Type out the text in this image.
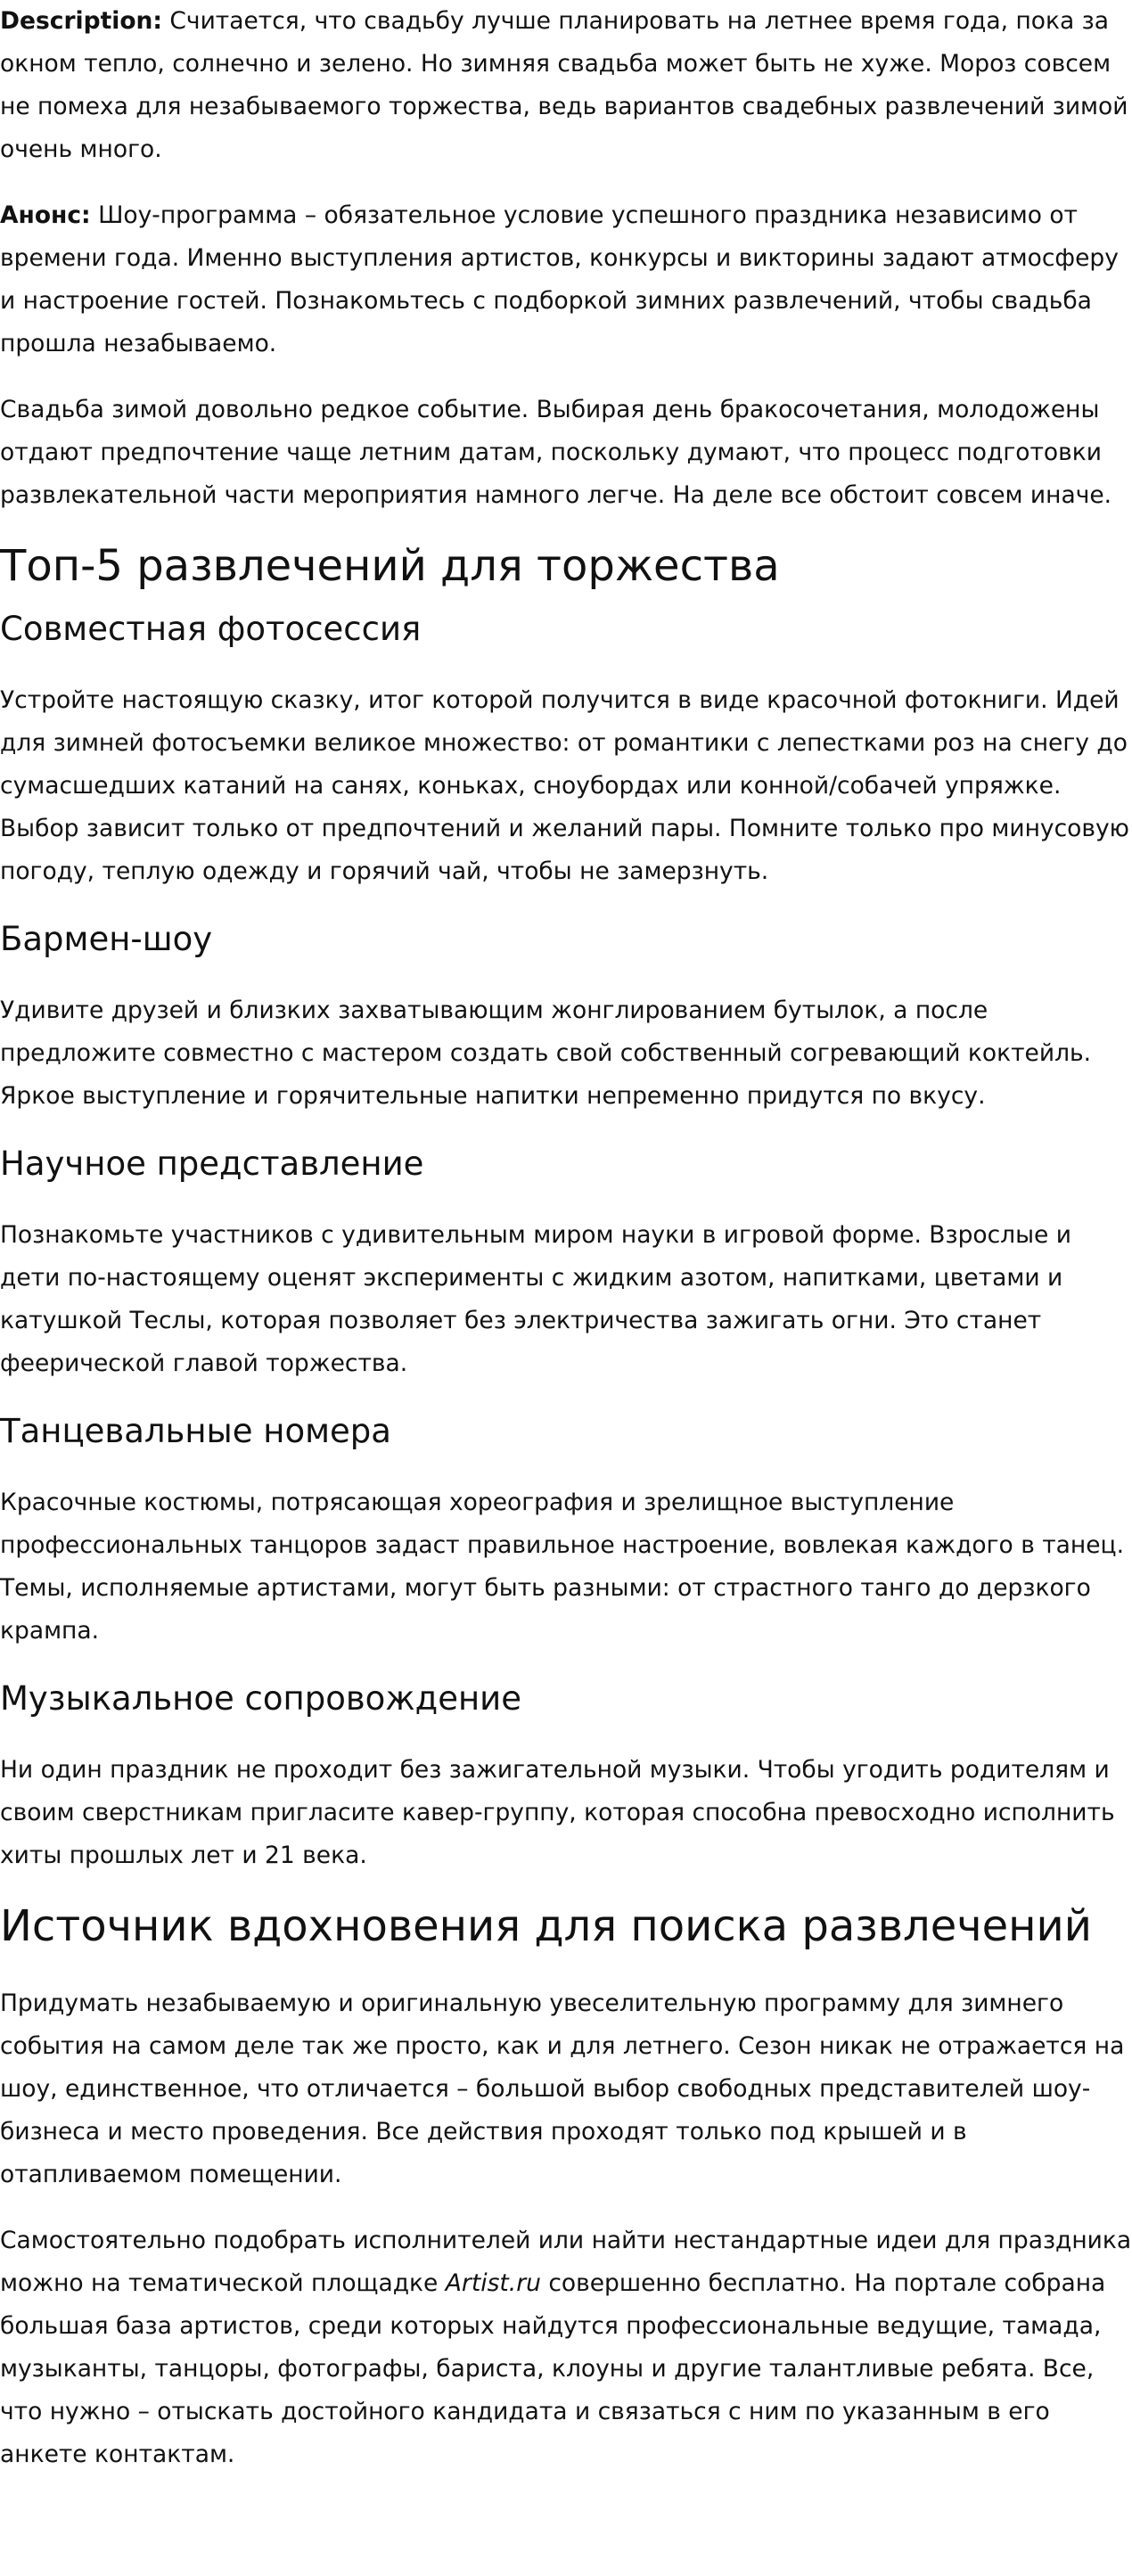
Description: Считается, что свадьбу лучше планировать на летнее время года, пока за окном тепло, солнечно и зелено. Но зимняя свадьба может быть не хуже. Мороз совсем не помеха для незабываемого торжества, ведь вариантов свадебных развлечений зимой очень много.

Анонс: Шоу-программа – обязательное условие успешного праздника независимо от времени года. Именно выступления артистов, конкурсы и викторины задают атмосферу и настроение гостей. Познакомьтесь с подборкой зимних развлечений, чтобы свадьба прошла незабываемо.

Свадьба зимой довольно редкое событие. Выбирая день бракосочетания, молодожены отдают предпочтение чаще летним датам, поскольку думают, что процесс подготовки развлекательной части мероприятия намного легче. На деле все обстоит совсем иначе.

Топ-5 развлечений для торжества
Совместная фотосессия

Устройте настоящую сказку, итог которой получится в виде красочной фотокниги. Идей для зимней фотосъемки великое множество: от романтики с лепестками роз на снегу до сумасшедших катаний на санях, коньках, сноубордах или конной/собачей упряжке. Выбор зависит только от предпочтений и желаний пары. Помните только про минусовую погоду, теплую одежду и горячий чай, чтобы не замерзнуть.

Бармен-шоу

Удивите друзей и близких захватывающим жонглированием бутылок, а после предложите совместно с мастером создать свой собственный согревающий коктейль. Яркое выступление и горячительные напитки непременно придутся по вкусу.

Научное представление

Познакомьте участников с удивительным миром науки в игровой форме. Взрослые и дети по-настоящему оценят эксперименты с жидким азотом, напитками, цветами и катушкой Теслы, которая позволяет без электричества зажигать огни. Это станет феерической главой торжества.

Танцевальные номера

Красочные костюмы, потрясающая хореография и зрелищное выступление профессиональных танцоров задаст правильное настроение, вовлекая каждого в танец. Темы, исполняемые артистами, могут быть разными: от страстного танго до дерзкого крампа.

Музыкальное сопровождение

Ни один праздник не проходит без зажигательной музыки. Чтобы угодить родителям и своим сверстникам пригласите кавер-группу, которая способна превосходно исполнить хиты прошлых лет и 21 века.

Источник вдохновения для поиска развлечений

Придумать незабываемую и оригинальную увеселительную программу для зимнего события на самом деле так же просто, как и для летнего. Сезон никак не отражается на шоу, единственное, что отличается – большой выбор свободных представителей шоу-бизнеса и место проведения. Все действия проходят только под крышей и в отапливаемом помещении.

Самостоятельно подобрать исполнителей или найти нестандартные идеи для праздника можно на тематической площадке Artist.ru совершенно бесплатно. На портале собрана большая база артистов, среди которых найдутся профессиональные ведущие, тамада, музыканты, танцоры, фотографы, бариста, клоуны и другие талантливые ребята. Все, что нужно – отыскать достойного кандидата и связаться с ним по указанным в его анкете контактам.
